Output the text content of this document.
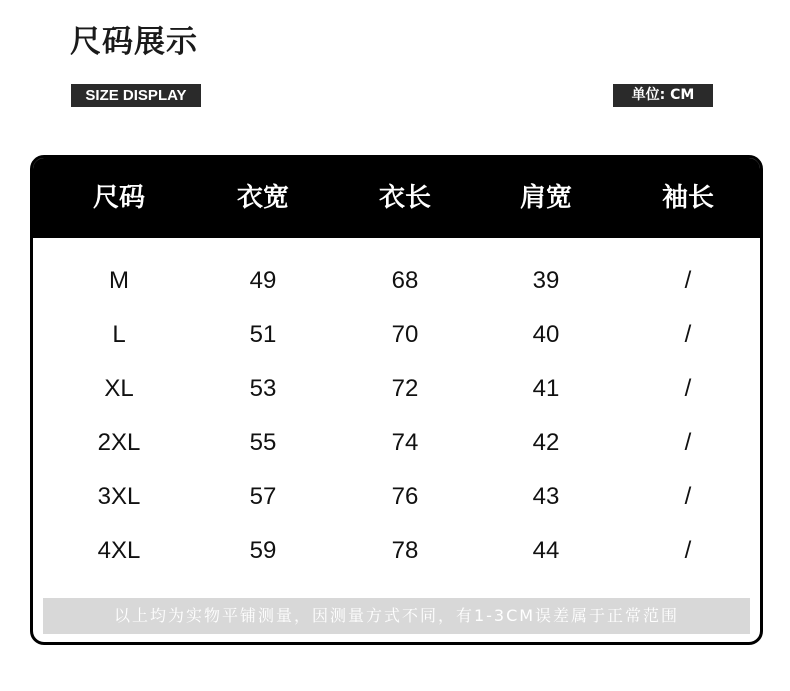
尺码展示
SIZE DISPLAY	单位: CM
尺码	衣宽	衣长	肩宽	袖长
M	49	68	39	/
L	51	70	40	/
XL	53	72	41	/
2XL	55	74	42	/
3XL	57	76	43	/
4XL	59	78	44	/
以上均为实物平铺测量，因测量方式不同，有1-3CM误差属于正常范围
